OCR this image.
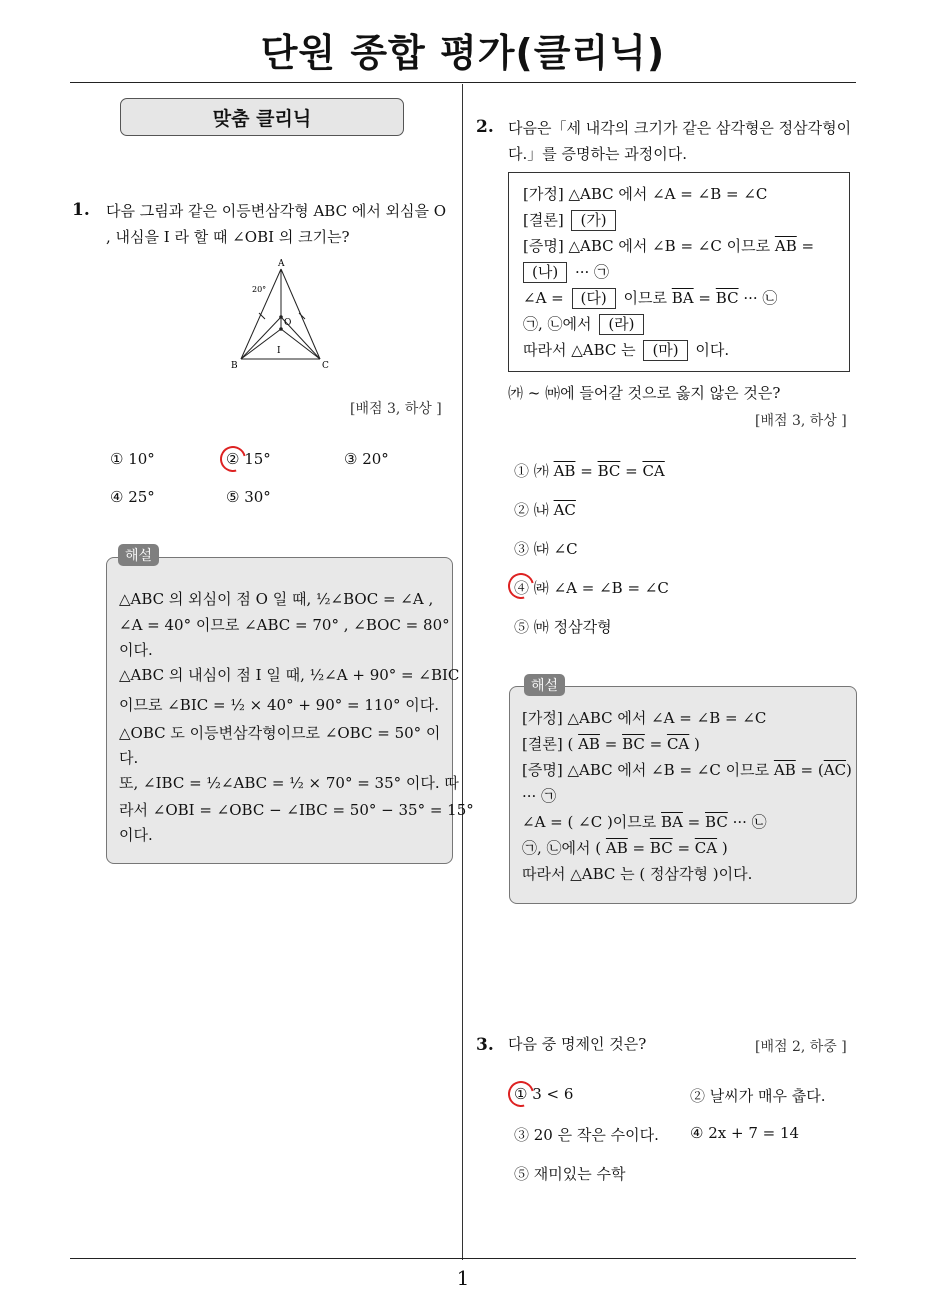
단원 종합 평가(클리닉)
1
맞춤 클리닉
1. 다음 그림과 같은 이등변삼각형 ABC 에서 외심을 O
, 내심을 I 라 할 때 ∠OBI 의 크기는?
A
B	C
O
I
20°
[배점 3, 하상 ]
① 10°	② 15°	③ 20°
④ 25°	⑤ 30°
△ABC 의 외심이 점 O 일 때, ½∠BOC = ∠A ,
∠A = 40° 이므로 ∠ABC = 70° , ∠BOC = 80°
이다.
△ABC 의 내심이 점 I 일 때, ½∠A + 90° = ∠BIC
이므로 ∠BIC = ½ × 40° + 90° = 110° 이다.
△OBC 도 이등변삼각형이므로 ∠OBC = 50° 이
다.
또, ∠IBC = ½∠ABC = ½ × 70° = 35° 이다. 따
라서 ∠OBI = ∠OBC − ∠IBC = 50° − 35° = 15°
이다.
해설
2. 다음은「세 내각의 크기가 같은 삼각형은 정삼각형이
다.」를 증명하는 과정이다.
[가정] △ABC 에서 ∠A = ∠B = ∠C
[결론] (가)
[증명] △ABC 에서 ∠B = ∠C 이므로 $\overline{AB}$ =
(나) ··· ㉠
∠A = (다) 이므로 $\overline{BA} = \overline{BC}$ ··· ㉡
㉠, ㉡에서 (라)
따라서 △ABC 는 (마) 이다.
㈎ ~ ㈒에 들어갈 것으로 옳지 않은 것은?
[배점 3, 하상 ]
① ㈎ $\overline{AB} = \overline{BC} = \overline{CA}$
② ㈏ $\overline{AC}$
③ ㈐ ∠C
④ ㈑ ∠A = ∠B = ∠C
⑤ ㈒ 정삼각형
[가정] △ABC 에서 ∠A = ∠B = ∠C
[결론] ( $\overline{AB} = \overline{BC} = \overline{CA}$ )
[증명] △ABC 에서 ∠B = ∠C 이므로 $\overline{AB} = (\overline{AC})$
··· ㉠
∠A = ( ∠C )이므로 $\overline{BA} = \overline{BC}$ ··· ㉡
㉠, ㉡에서 ( $\overline{AB} = \overline{BC} = \overline{CA}$ )
따라서 △ABC 는 ( 정삼각형 )이다.
해설
3. 다음 중 명제인 것은?	[배점 2, 하중 ]
① 3 < 6	② 날씨가 매우 춥다.
③ 20 은 작은 수이다. ④ 2x + 7 = 14
⑤ 재미있는 수학
